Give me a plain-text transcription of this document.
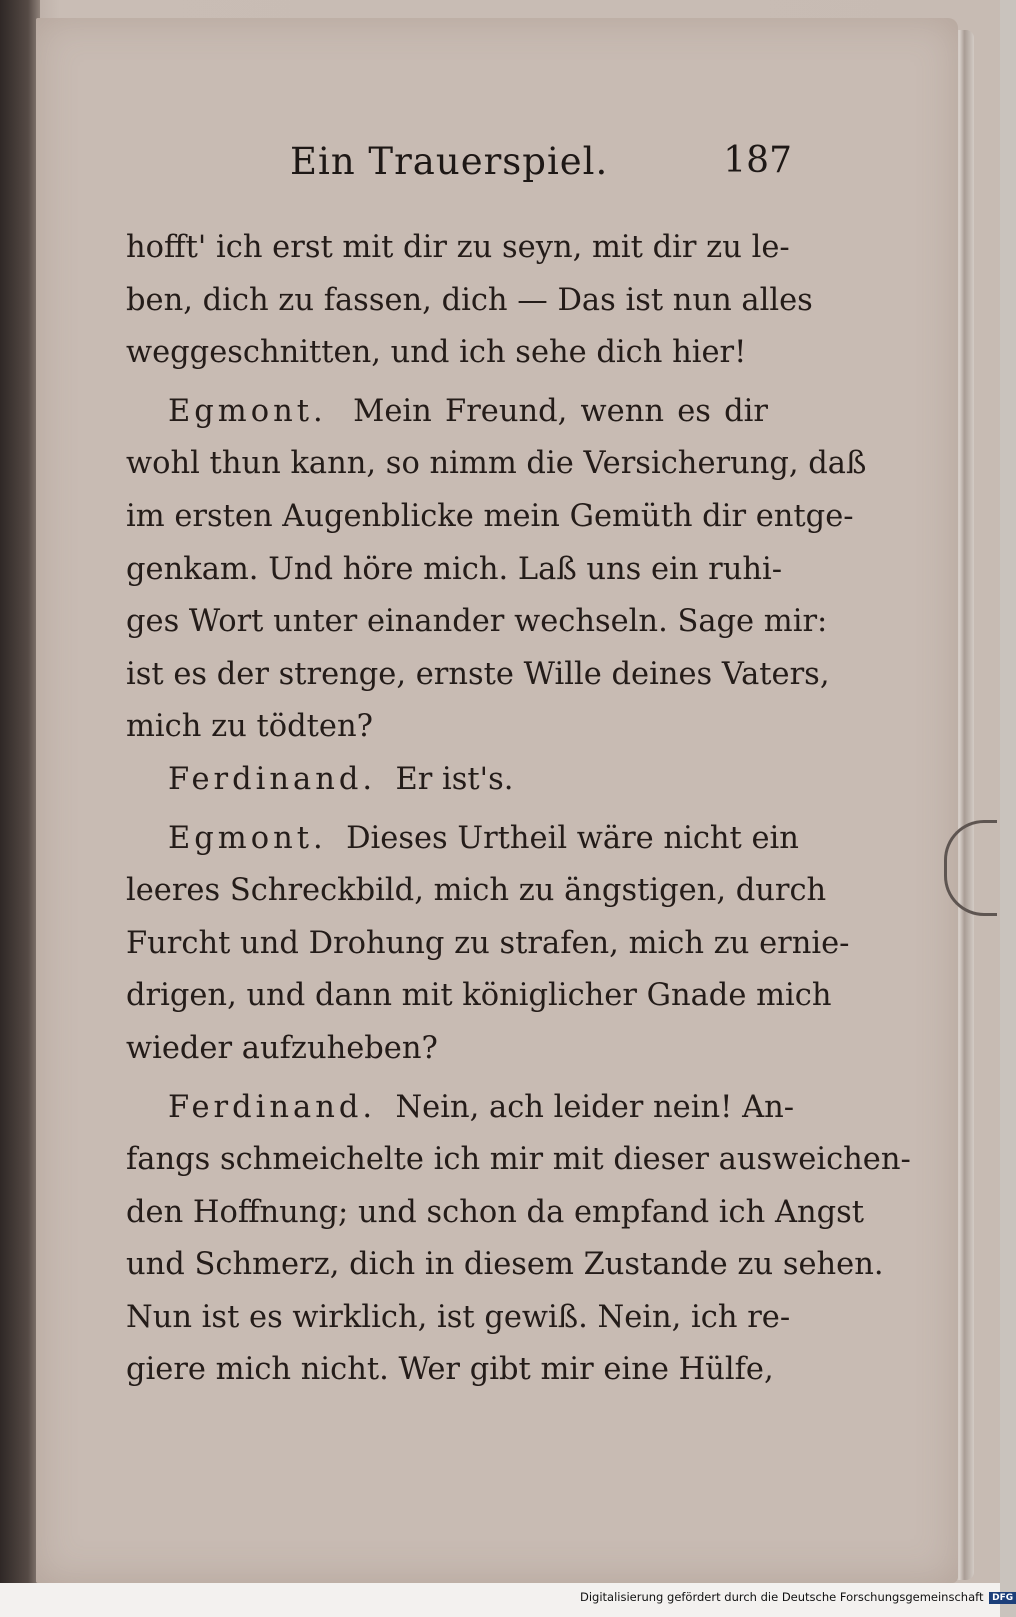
Ein Trauerspiel.	187
hofft' ich erst mit dir zu seyn, mit dir zu le-
ben, dich zu fassen, dich — Das ist nun alles
weggeschnitten, und ich sehe dich hier!
Egmont. Mein Freund, wenn es dir
wohl thun kann, so nimm die Versicherung, daß
im ersten Augenblicke mein Gemüth dir entge-
genkam. Und höre mich. Laß uns ein ruhi-
ges Wort unter einander wechseln. Sage mir:
ist es der strenge, ernste Wille deines Vaters,
mich zu tödten?
Ferdinand. Er ist's.
Egmont. Dieses Urtheil wäre nicht ein
leeres Schreckbild, mich zu ängstigen, durch
Furcht und Drohung zu strafen, mich zu ernie-
drigen, und dann mit königlicher Gnade mich
wieder aufzuheben?
Ferdinand. Nein, ach leider nein! An-
fangs schmeichelte ich mir mit dieser ausweichen-
den Hoffnung; und schon da empfand ich Angst
und Schmerz, dich in diesem Zustande zu sehen.
Nun ist es wirklich, ist gewiß. Nein, ich re-
giere mich nicht. Wer gibt mir eine Hülfe,
Digitalisierung gefördert durch die Deutsche Forschungsgemeinschaft DFG
